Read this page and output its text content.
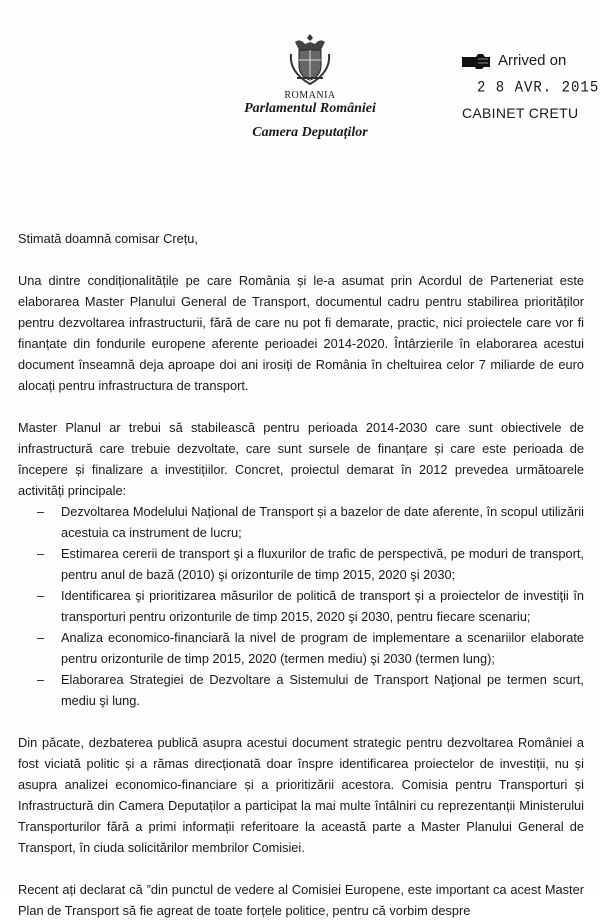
ROMANIA
Parlamentul României
Camera Deputaților
Arrived on
2 8 AVR. 2015
CABINET CRETU

Stimată doamnă comisar Crețu,

Una dintre condiționalitățile pe care România și le-a asumat prin Acordul de Parteneriat este elaborarea Master Planului General de Transport, documentul cadru pentru stabilirea priorităților pentru dezvoltarea infrastructurii, fără de care nu pot fi demarate, practic, nici proiectele care vor fi finanțate din fondurile europene aferente perioadei 2014-2020. Întârzierile în elaborarea acestui document înseamnă deja aproape doi ani irosiți de România în cheltuirea celor 7 miliarde de euro alocați pentru infrastructura de transport.

Master Planul ar trebui să stabilească pentru perioada 2014-2030 care sunt obiectivele de infrastructură care trebuie dezvoltate, care sunt sursele de finanțare și care este perioada de începere și finalizare a investițiilor. Concret, proiectul demarat în 2012 prevedea următoarele activități principale:

– Dezvoltarea Modelului Național de Transport și a bazelor de date aferente, în scopul utilizării acestuia ca instrument de lucru;
– Estimarea cererii de transport şi a fluxurilor de trafic de perspectivă, pe moduri de transport, pentru anul de bază (2010) şi orizonturile de timp 2015, 2020 şi 2030;
– Identificarea şi prioritizarea măsurilor de politică de transport şi a proiectelor de investiţii în transporturi pentru orizonturile de timp 2015, 2020 şi 2030, pentru fiecare scenariu;
– Analiza economico-financiară la nivel de program de implementare a scenariilor elaborate pentru orizonturile de timp 2015, 2020 (termen mediu) şi 2030 (termen lung);
– Elaborarea Strategiei de Dezvoltare a Sistemului de Transport Naţional pe termen scurt, mediu şi lung.

Din păcate, dezbaterea publică asupra acestui document strategic pentru dezvoltarea României a fost viciată politic și a rămas direcționată doar înspre identificarea proiectelor de investiții, nu și asupra analizei economico-financiare și a prioritizării acestora. Comisia pentru Transporturi și Infrastructură din Camera Deputaților a participat la mai multe întâlniri cu reprezentanții Ministerului Transporturilor fără a primi informații referitoare la această parte a Master Planului General de Transport, în ciuda solicitărilor membrilor Comisiei.

Recent ați declarat că ”din punctul de vedere al Comisiei Europene, este important ca acest Master Plan de Transport să fie agreat de toate forțele politice, pentru că vorbim despre
